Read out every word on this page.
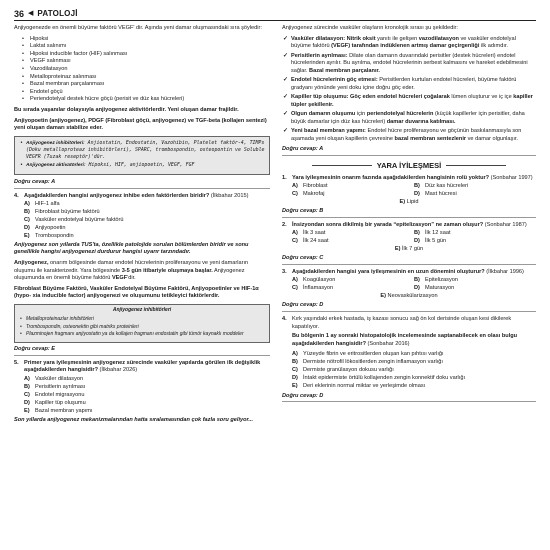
36 ◀ PATOLOJİ

Anjiyogenezde en önemli büyüme faktörü VEGF' dir. Aşında yeni damar oluşmasındaki sıra şöyledir:

• Hipoksi
• Laktat salınımı
• Hipoksi inducible factor (HIF) salınması
• VEGF salınması
• Vazodilatasyon
• Metalloproteinaz salınması
• Bazal membran parçalanması
• Endotel göçü
• Periendotelyal destek hücre göçü (perisit ve düz kas hücreleri)

Bu sırada yaşanılar dolaysıyla anjiyogenez aktivitörlerdir. Yeni oluşan damar frajildir.

Anjiyopoetin (anjiyogenez), PDGF (Fibroblast göçü, anjiyogenez) ve TGF-beta (kollajen sentezi) yeni oluşan damarı stabilize eder.

• Anjiyogenez inhibitörleri: Anjiostatin, Endostatin, Vazohibin, Platelet faktör-4, TIMPs (Doku metalloproteaz inhibitörleri), SPARC, trombospondin, osteopontin ve Soluble VEGFR (Tuzak reseptör)'dür.
• Anjiyogenez aktivatörleri: Hipoksi, HIF, anjiopoetin, VEGF, FGF
Doğru cevap: A
4. Aşağıdakilerden hangisi anjiyogenez inhibe eden faktörlerden biridir? (İlkbahar 2015)
A) HIF-1 alfa
B) Fibroblast büyüme faktörü
C) Vasküler endotelyal büyüme faktörü
D) Anjiyopoetin
E) Trombospondin

Anjiyogenez son yıllarda TUS'ta, özellikle patolojide sorulan bölümlerden biridir ve sonu genellikle hangisi anjiyogenezi durdurur hangisi uyarır tarzındadır.

Anjiyogenez, onarım bölgesinde damar endotel hücrelerinin proliferasyonu ve yeni damarların oluşumu ile karakterizedir. Yara bölgesinde 3-5 gün itibariyle oluşmaya başlar. Anjiyogenez oluşumunda en önemli büyüme faktörü VEGF'dir.

Fibroblast Büyüme Faktörü, Vasküler Endotelyal Büyüme Faktörü, Anjiyopoetinler ve HIF-1α (hypo- xia inducible factor) anjiyogenezi ve oluşumunu tetikleyici faktörlerdir.

Anjiyogenez inhibitörleri
• Metalloproteinazlar inhibitörleri
• Trombospondin, osteonektin gibi matriks proteinleri
• Plazminojen fragmanı anjiyostatin ya da kollajen fragmanı endostatin gibi tümör kaynaklı moddeler
Doğru cevap: E
5. Primer yara iyileşmesinin anjiyogenez sürecinde vasküler yapılarda görülen ilk değişiklik aşağıdakilerden hangisidir? (İlkbahar 2026)
A) Vasküler dilatasyon
B) Perisitlerin ayrılması
C) Endotel migrasyonu
D) Kapiller tüp oluşumu
E) Bazal membran yapımı

Son yıllarda anjiyogenez mekanizmalarından hatta sıralamasından çok fazla soru geliyor...

Anjiyogenez sürecinde vasküler olayların kronolojik sırası şu şekildedir:

✓ Vasküler dilatasyon: Nitrik oksit yanıtı ile gelişen vazodilatasyon ve vasküler endotelyal büyüme faktörü (VEGF) tarafından indüklenen artmış damar geçirgenliği ilk adımdır.
✓ Perisitlerin ayrılması: Dilate olan damarın duvarındaki perisitler (destek hücreleri) endotel hücrelerinden ayrılır. Bu ayrılma, endotel hücrelerinin serbest kalmasını ve hareket edebilmesini sağlar. Bazal membran parçalanır.
✓ Endotel hücrelerinin göç etmesi: Perisitlerden kurtulan endotel hücreleri, büyüme faktörü gradyanı yönünde yeni doku içine doğru göç eder.
✓ Kapiller tüp oluşumu: Göç eden endotel hücreleri çoğalarak lümen oluşturur ve iç içe kapiller tüpler şekillenir.
✓ Olgun damarın oluşumu için periendotelyal hücrelerin (küçük kapillerler için perisitler, daha büyük damarlar için düz kas hücreleri) damar duvarına katılması.
✓ Yeni bazal membran yapımı: Endotel hücre proliferasyonu ve göçünün baskılanmasıyla son aşamada yeni oluşan kapillerin çevresine bazal membran sentezlenir ve damar olgunlaşır.
Doğru cevap: A
YARA İYİLEŞMESİ
1. Yara iyileşmesinin onarım fazında aşağıdakilerden hangisinin rolü yoktur? (Sonbahar 1997)
A) Fibroblast	B) Düz kas hücreleri
C) Makrofaj	D) Mast hücresi
E) Lipid
Doğru cevap: B
2. İnsizyondan sonra dikilmiş bir yarada “epitelizasyon” ne zaman oluşur? (Sonbahar 1987)
A) İlk 3 saat	B) İlk 12 saat
C) İlk 24 saat	D) İlk 5 gün
E) İlk 7 gün
Doğru cevap: C
3. Aşağıdakilerden hangisi yara iyileşmesinin en uzun dönemini oluşturur? (İlkbahar 1996)
A) Koagülasyon	B) Epitelizasyon
C) İnflamasyon	D) Maturasyon
E) Neovaskülarizasyon
Doğru cevap: D
4. Kırk yaşındaki erkek hastada, iş kazası sonucu sağ ön kol derisinde oluşan kesi dikilerek kapatılıyor.

Bu bölgenin 1 ay sonraki histopatolojik incelemesinde saptanabilecek en olası bulgu aşağıdakilerden hangisidir? (Sonbahar 2016)

A) Yüzeyde fibrin ve eritrositlerden oluşan kan pıhtısı varlığı
B) Dermiste nötrofil lökositlerden zengin inflamasyon varlığı
C) Dermiste granülasyon dokusu varlığı
D) İntakt epidermiste örtülü kollajenden zengin konnektif doku varlığı
E) Deri eklerinin normal miktar ve yerleşimde olması
Doğru cevap: D
